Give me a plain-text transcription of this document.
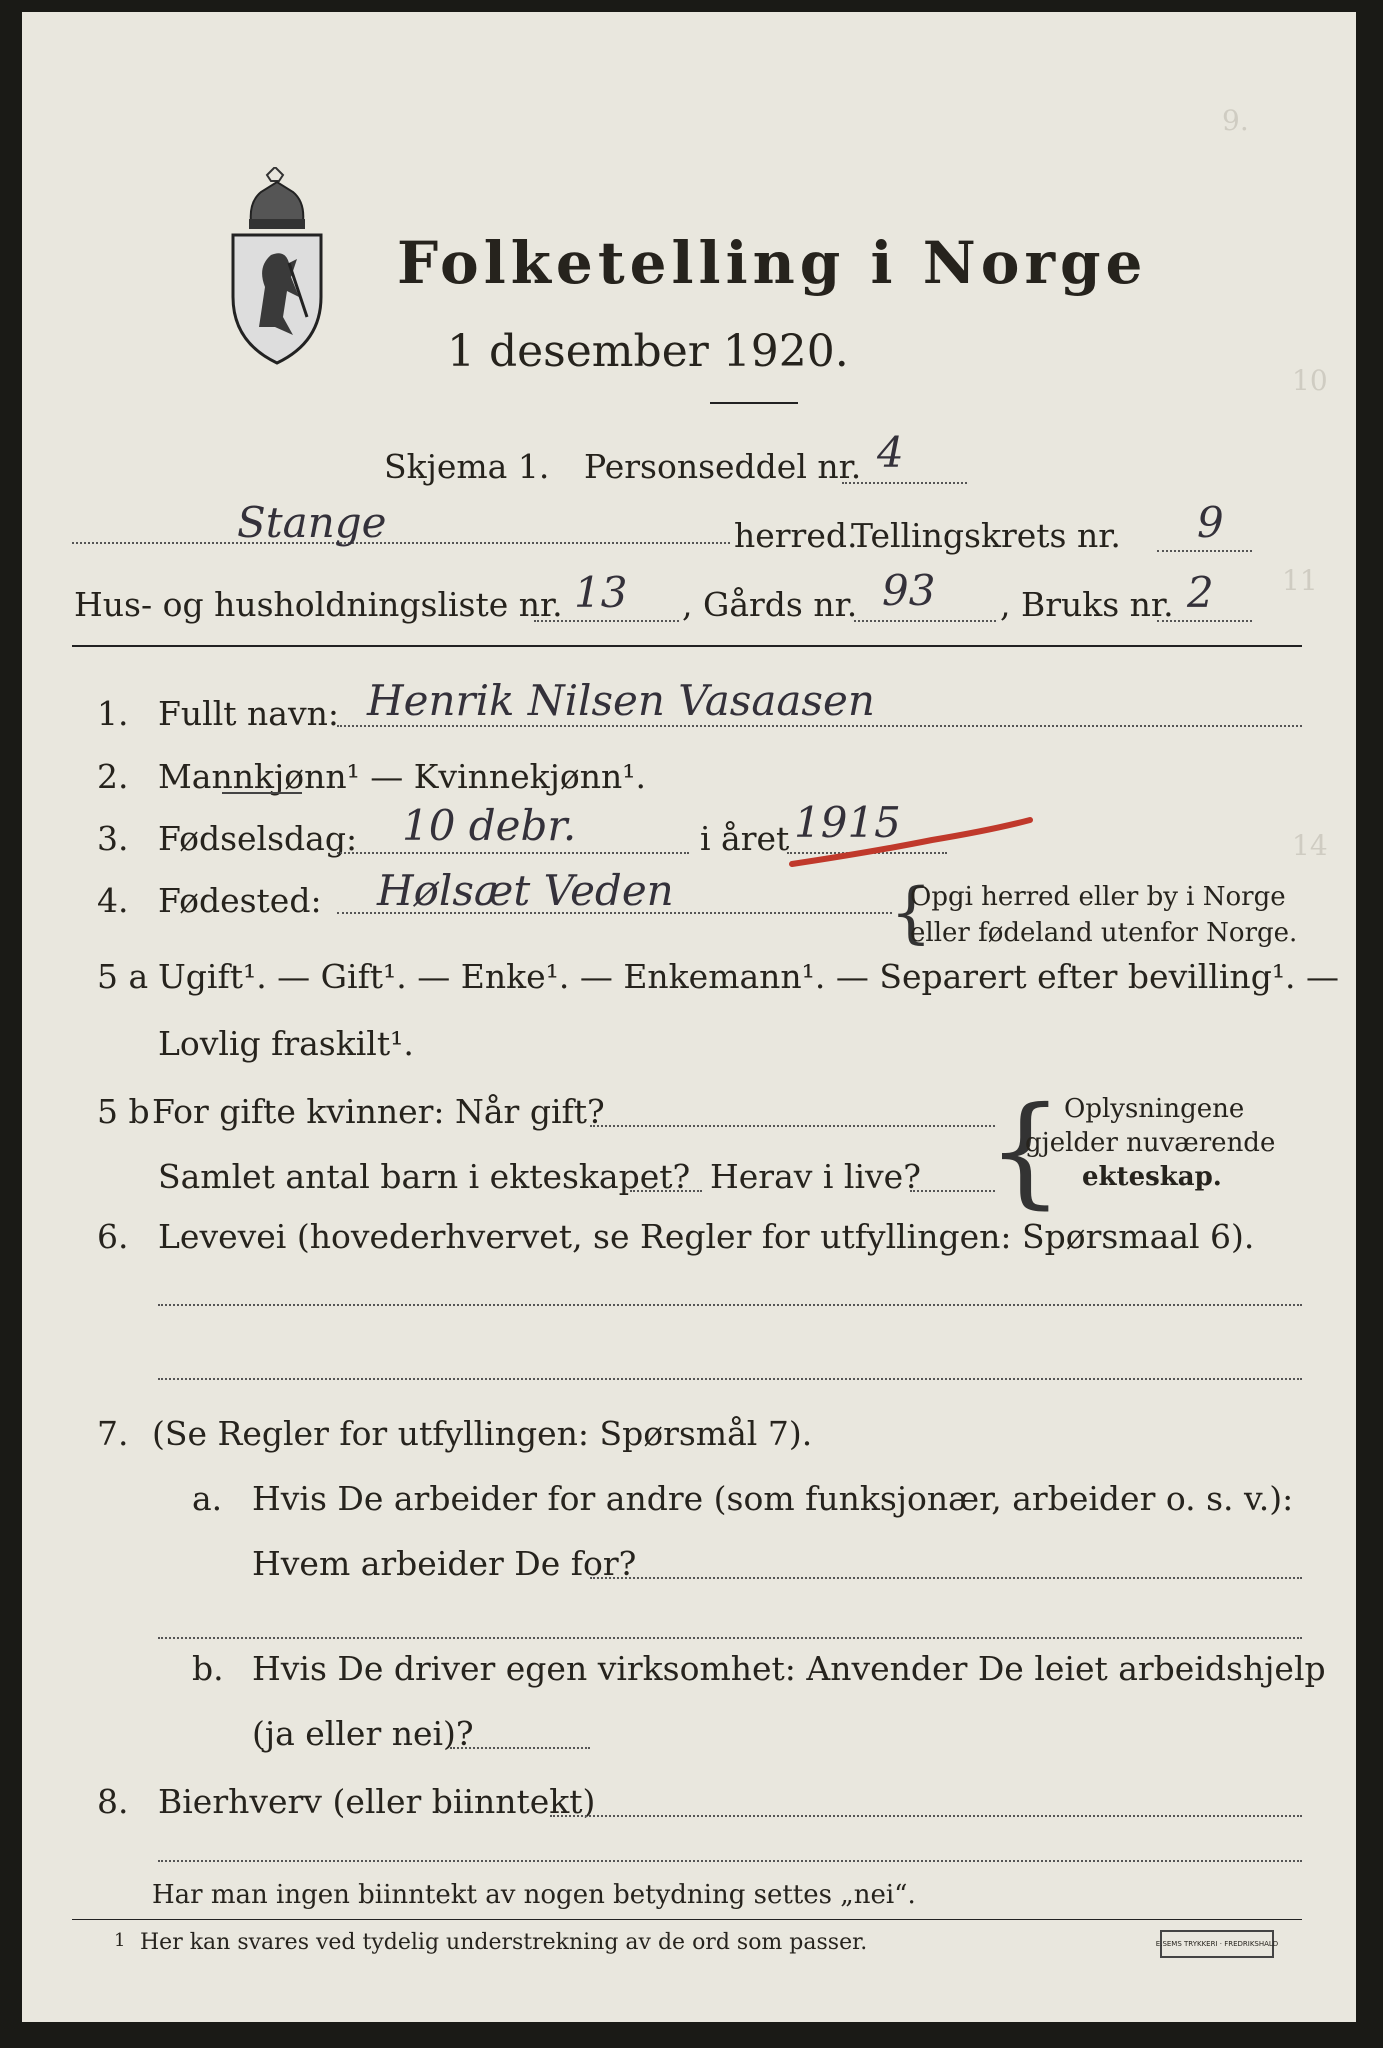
9.
10
11
14
Folketelling i Norge
1 desember 1920.
Skjema 1. Personseddel nr. 4
Stange	herred.
Tellingskrets nr. 9
Hus- og husholdningsliste nr. 13 , Gårds nr. 93 , Bruks nr. 2
1. Fullt navn: Henrik Nilsen Vasaasen
2. Mannkjønn¹ — Kvinnekjønn¹.
3. Fødselsdag: 10 debr.	i året 1915
4. Fødested: Hølsæt Veden	{
Opgi herred eller by i Norge
eller fødeland utenfor Norge.
5 a Ugift¹. — Gift¹. — Enke¹. — Enkemann¹. — Separert efter bevilling¹. —
Lovlig fraskilt¹.
5 b For gifte kvinner: Når gift?
Samlet antal barn i ekteskapet? Herav i live? { Oplysningene
gjelder nuværende
ekteskap.
6. Levevei (hovederhvervet, se Regler for utfyllingen: Spørsmaal 6).
7. (Se Regler for utfyllingen: Spørsmål 7).
a. Hvis De arbeider for andre (som funksjonær, arbeider o. s. v.):
Hvem arbeider De for?
b. Hvis De driver egen virksomhet: Anvender De leiet arbeidshjelp
(ja eller nei)?
8. Bierhverv (eller biinntekt)
Har man ingen biinntekt av nogen betydning settes „nei“.
1 Her kan svares ved tydelig understrekning av de ord som passer.	E.SEMS TRYKKERI · FREDRIKSHALD
